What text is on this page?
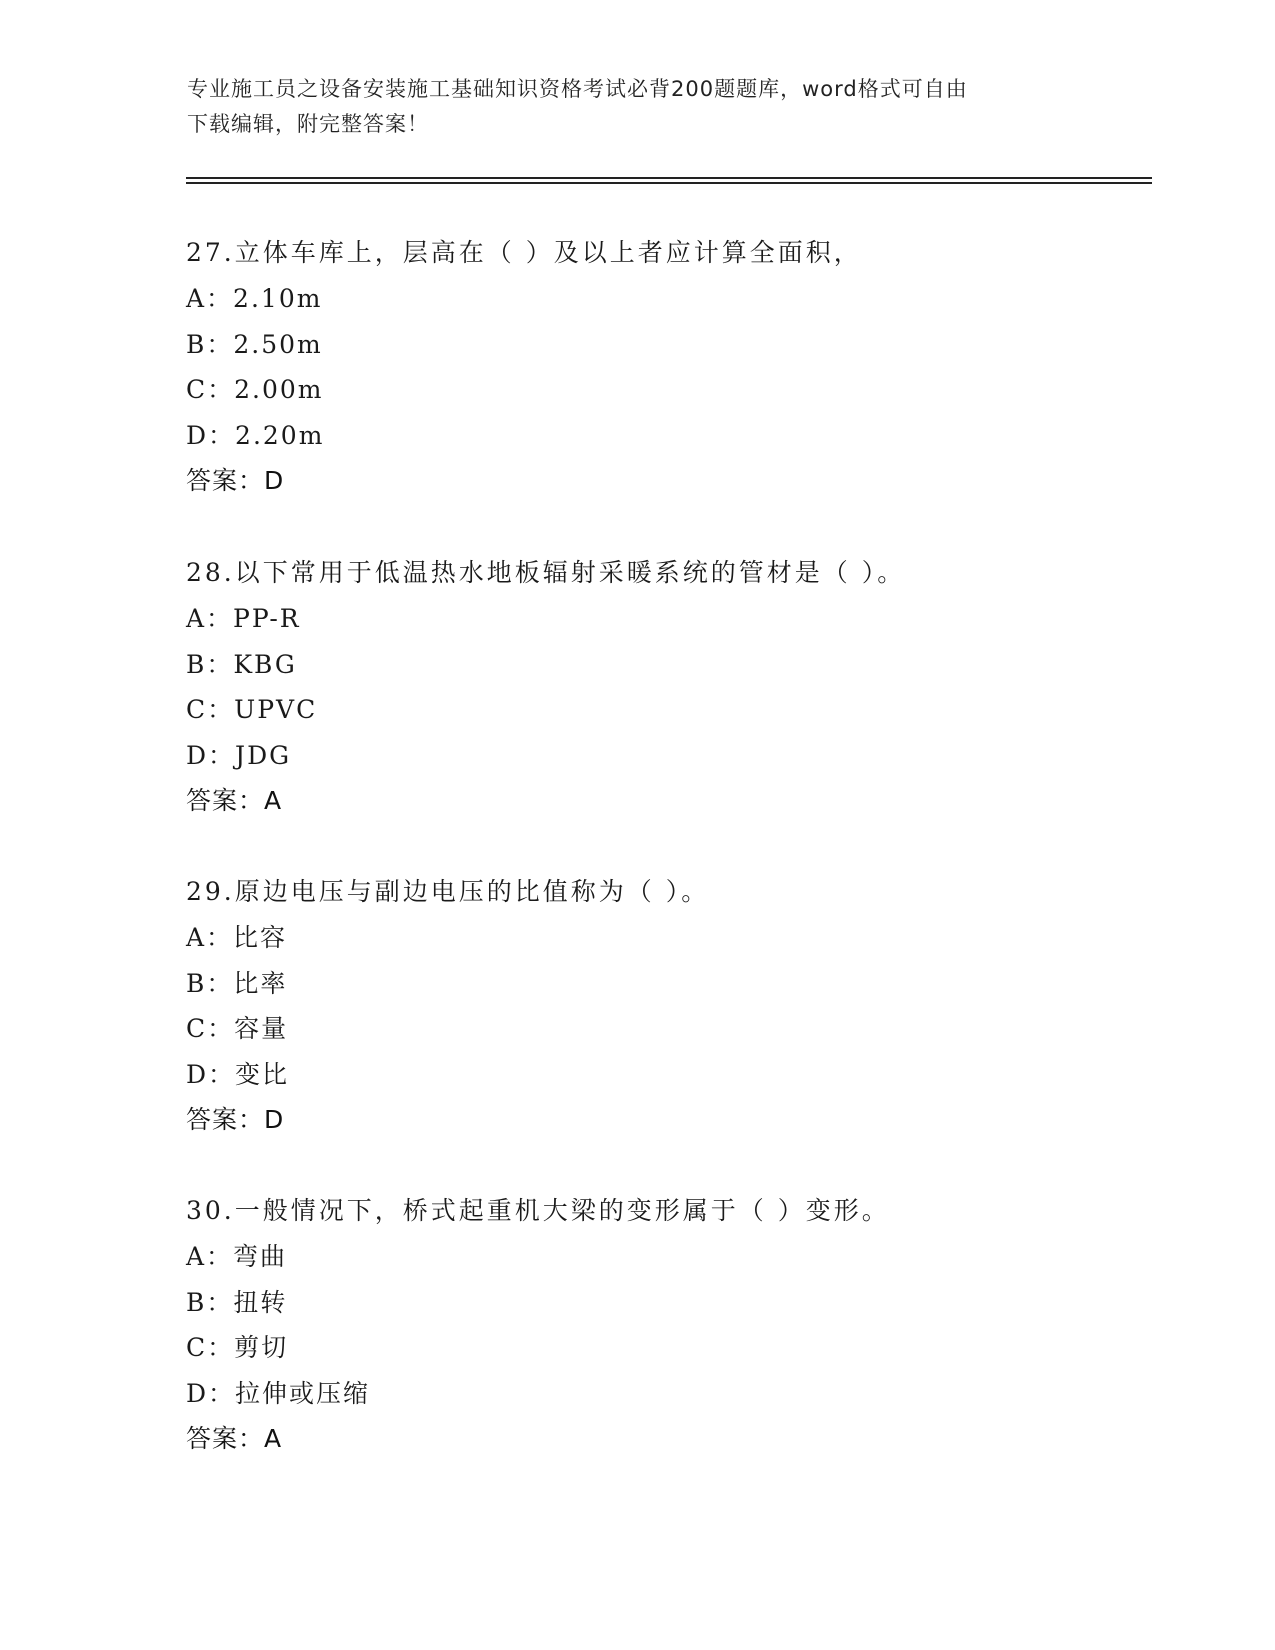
专业施工员之设备安装施工基础知识资格考试必背200题题库，word格式可自由
下载编辑，附完整答案！
27.立体车库上，层高在（ ）及以上者应计算全面积，
A：2.10m
B：2.50m
C：2.00m
D：2.20m
答案：D
28.以下常用于低温热水地板辐射采暖系统的管材是（ ）。
A：PP-R
B：KBG
C：UPVC
D：JDG
答案：A
29.原边电压与副边电压的比值称为（ ）。
A：比容
B：比率
C：容量
D：变比
答案：D
30.一般情况下，桥式起重机大梁的变形属于（ ）变形。
A：弯曲
B：扭转
C：剪切
D：拉伸或压缩
答案：A
